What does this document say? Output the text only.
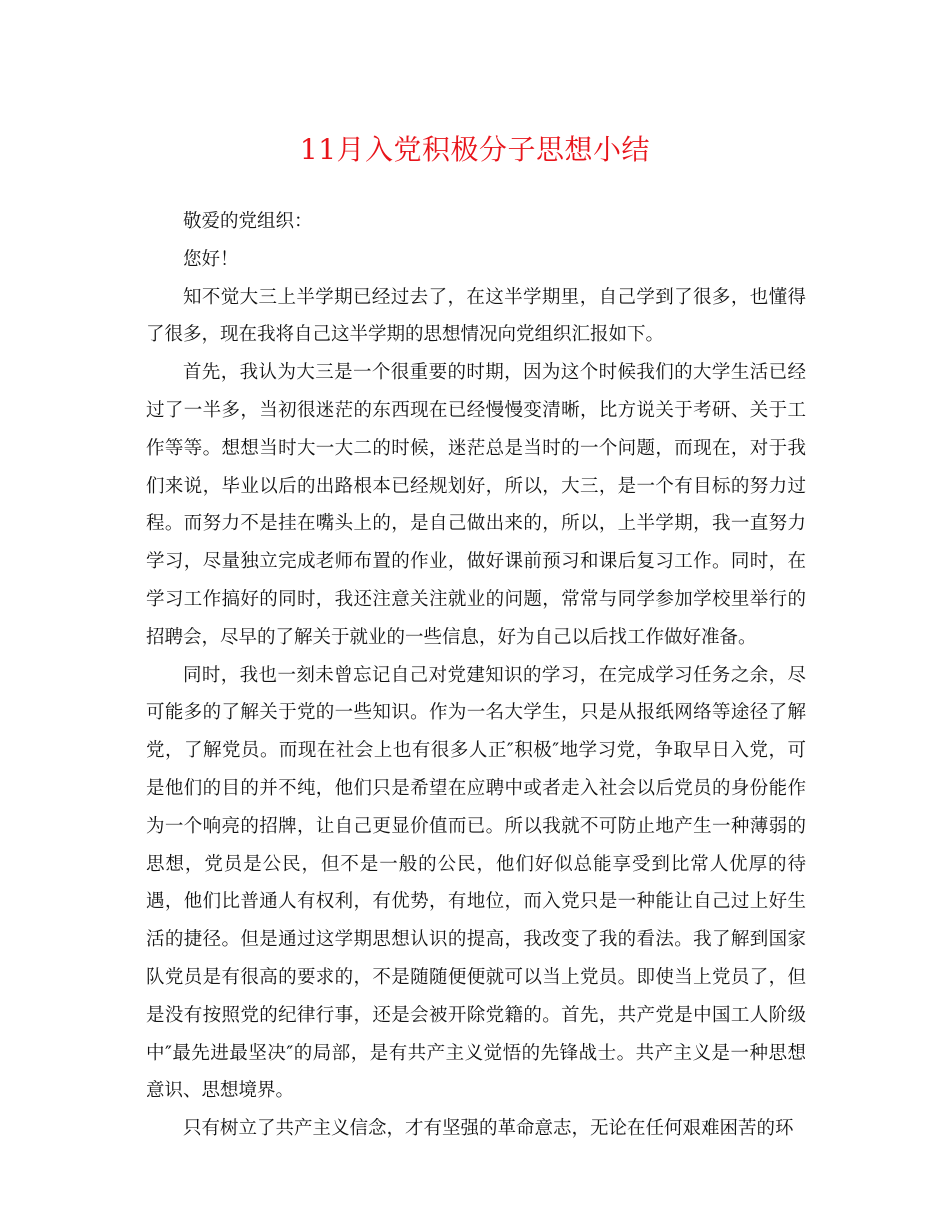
11月入党积极分子思想小结

敬爱的党组织：

您好！

知不觉大三上半学期已经过去了，在这半学期里，自己学到了很多，也懂得了很多，现在我将自己这半学期的思想情况向党组织汇报如下。

首先，我认为大三是一个很重要的时期，因为这个时候我们的大学生活已经过了一半多，当初很迷茫的东西现在已经慢慢变清晰，比方说关于考研、关于工作等等。想想当时大一大二的时候，迷茫总是当时的一个问题，而现在，对于我们来说，毕业以后的出路根本已经规划好，所以，大三，是一个有目标的努力过程。而努力不是挂在嘴头上的，是自己做出来的，所以，上半学期，我一直努力学习，尽量独立完成老师布置的作业，做好课前预习和课后复习工作。同时，在学习工作搞好的同时，我还注意关注就业的问题，常常与同学参加学校里举行的招聘会，尽早的了解关于就业的一些信息，好为自己以后找工作做好准备。

同时，我也一刻未曾忘记自己对党建知识的学习，在完成学习任务之余，尽可能多的了解关于党的一些知识。作为一名大学生，只是从报纸网络等途径了解党，了解党员。而现在社会上也有很多人正″积极″地学习党，争取早日入党，可是他们的目的并不纯，他们只是希望在应聘中或者走入社会以后党员的身份能作为一个响亮的招牌，让自己更显价值而已。所以我就不可防止地产生一种薄弱的思想，党员是公民，但不是一般的公民，他们好似总能享受到比常人优厚的待遇，他们比普通人有权利，有优势，有地位，而入党只是一种能让自己过上好生活的捷径。但是通过这学期思想认识的提高，我改变了我的看法。我了解到国家队党员是有很高的要求的，不是随随便便就可以当上党员。即使当上党员了，但是没有按照党的纪律行事，还是会被开除党籍的。首先，共产党是中国工人阶级中″最先进最坚决″的局部，是有共产主义觉悟的先锋战士。共产主义是一种思想意识、思想境界。

只有树立了共产主义信念，才有坚强的革命意志，无论在任何艰难困苦的环
